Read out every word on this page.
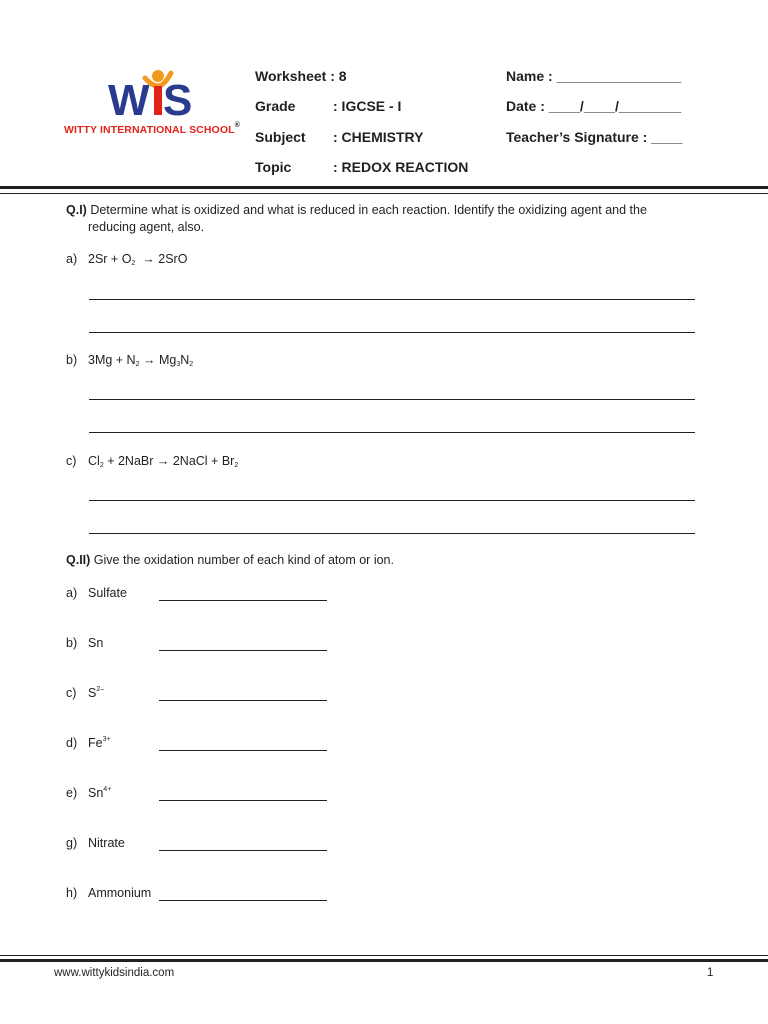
W S
WITTY INTERNATIONAL SCHOOL®
Worksheet : 8
Grade	: IGCSE - I
Subject : CHEMISTRY
Topic	: REDOX REACTION
Name : ________________
Date : ____/____/________
Teacher’s Signature : ____
Q.I) Determine what is oxidized and what is reduced in each reaction. Identify the oxidizing agent and the
reducing agent, also.
a) $2Sr + O_2 \to 2SrO$
b) $3Mg + N_2 \to Mg_3N_2$
c) $Cl_2$ + 2NaBr → 2NaCl + $Br_2$
Q.II) Give the oxidation number of each kind of atom or ion.
a) Sulfate
b) Sn
c) $S^{2-}$
d) $Fe^{3+}$
e) $Sn^{4+}$
g) Nitrate
h) Ammonium
www.wittykidsindia.com	1
